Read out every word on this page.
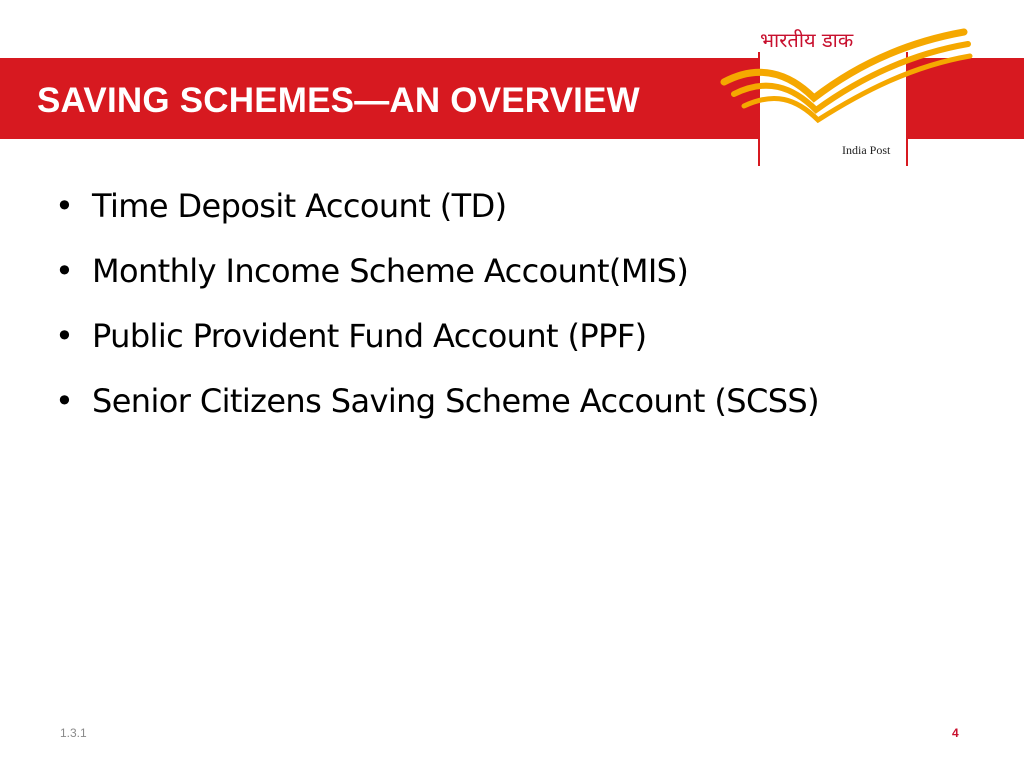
SAVING SCHEMES—AN OVERVIEW
भारतीय डाक
India Post
• Time Deposit Account (TD)
• Monthly Income Scheme Account(MIS)
• Public Provident Fund Account (PPF)
• Senior Citizens Saving Scheme Account (SCSS)
1.3.1	4
